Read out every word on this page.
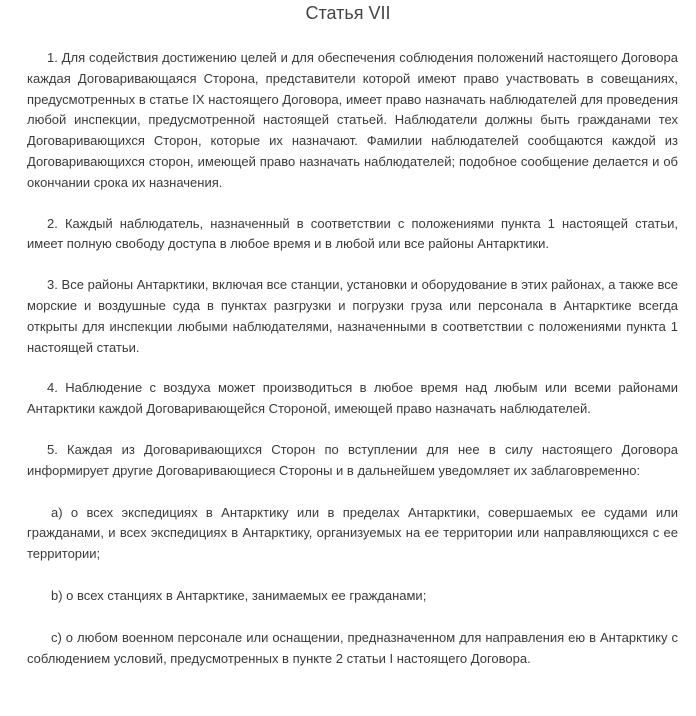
Статья VII

1. Для содействия достижению целей и для обеспечения соблюдения положений настоящего Договора каждая Договаривающаяся Сторона, представители которой имеют право участвовать в совещаниях, предусмотренных в статье IX настоящего Договора, имеет право назначать наблюдателей для проведения любой инспекции, предусмотренной настоящей статьей. Наблюдатели должны быть гражданами тех Договаривающихся Сторон, которые их назначают. Фамилии наблюдателей сообщаются каждой из Договаривающихся сторон, имеющей право назначать наблюдателей; подобное сообщение делается и об окончании срока их назначения.

2. Каждый наблюдатель, назначенный в соответствии с положениями пункта 1 настоящей статьи, имеет полную свободу доступа в любое время и в любой или все районы Антарктики.

3. Все районы Антарктики, включая все станции, установки и оборудование в этих районах, а также все морские и воздушные суда в пунктах разгрузки и погрузки груза или персонала в Антарктике всегда открыты для инспекции любыми наблюдателями, назначенными в соответствии с положениями пункта 1 настоящей статьи.

4. Наблюдение с воздуха может производиться в любое время над любым или всеми районами Антарктики каждой Договаривающейся Стороной, имеющей право назначать наблюдателей.

5. Каждая из Договаривающихся Сторон по вступлении для нее в силу настоящего Договора информирует другие Договаривающиеся Стороны и в дальнейшем уведомляет их заблаговременно:

a) о всех экспедициях в Антарктику или в пределах Антарктики, совершаемых ее судами или гражданами, и всех экспедициях в Антарктику, организуемых на ее территории или направляющихся с ее территории;

b) о всех станциях в Антарктике, занимаемых ее гражданами;

c) о любом военном персонале или оснащении, предназначенном для направления ею в Антарктику с соблюдением условий, предусмотренных в пункте 2 статьи I настоящего Договора.
